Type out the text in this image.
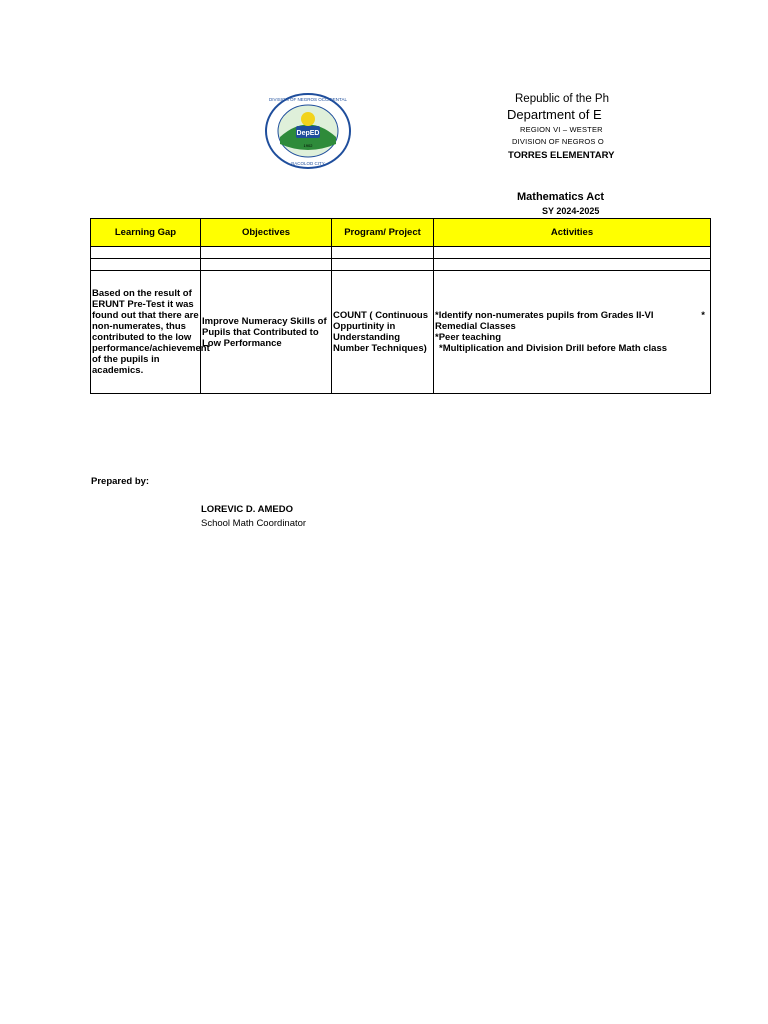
DepED
1902
DIVISION OF NEGROS OCCIDENTAL
BACOLOD CITY
Republic of the Ph
Department of E
REGION VI – WESTER
DIVISION OF NEGROS O
TORRES ELEMENTARY
Mathematics Act
SY 2024-2025
Learning Gap	Objectives	Program/ Project	Activities

Based on the result of ERUNT Pre-Test it was found out that there are non-numerates, thus contributed to the low performance/achievement of the pupils in academics.	Improve Numeracy Skills of Pupils that Contributed to Low Performance	COUNT ( Continuous Oppurtinity in Understanding Number Techniques)	*Identify non-numerates pupils from Grades II-VI *
Remedial Classes
*Peer teaching
*Multiplication and Division Drill before Math class
Prepared by:
LOREVIC D. AMEDO
School Math Coordinator
